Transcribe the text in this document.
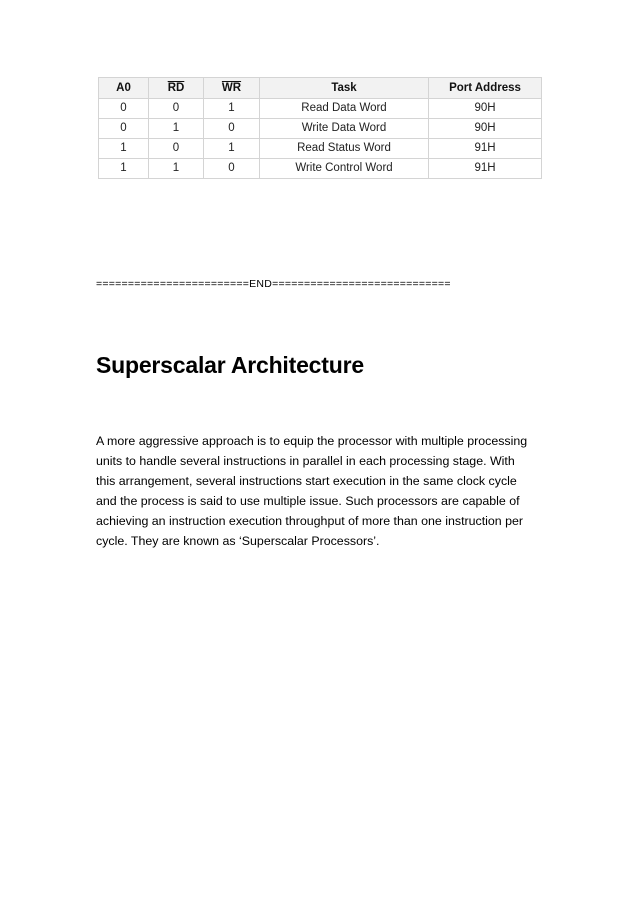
A0	$\overline{RD}$	$\overline{WR}$	Task	Port Address
0	0	1	Read Data Word	90H
0	1	0	Write Data Word	90H
1	0	1	Read Status Word	91H
1	1	0	Write Control Word	91H
========================END============================
Superscalar Architecture

A more aggressive approach is to equip the processor with multiple processing
units to handle several instructions in parallel in each processing stage. With
this arrangement, several instructions start execution in the same clock cycle
and the process is said to use multiple issue. Such processors are capable of
achieving an instruction execution throughput of more than one instruction per
cycle. They are known as ‘Superscalar Processors’.
